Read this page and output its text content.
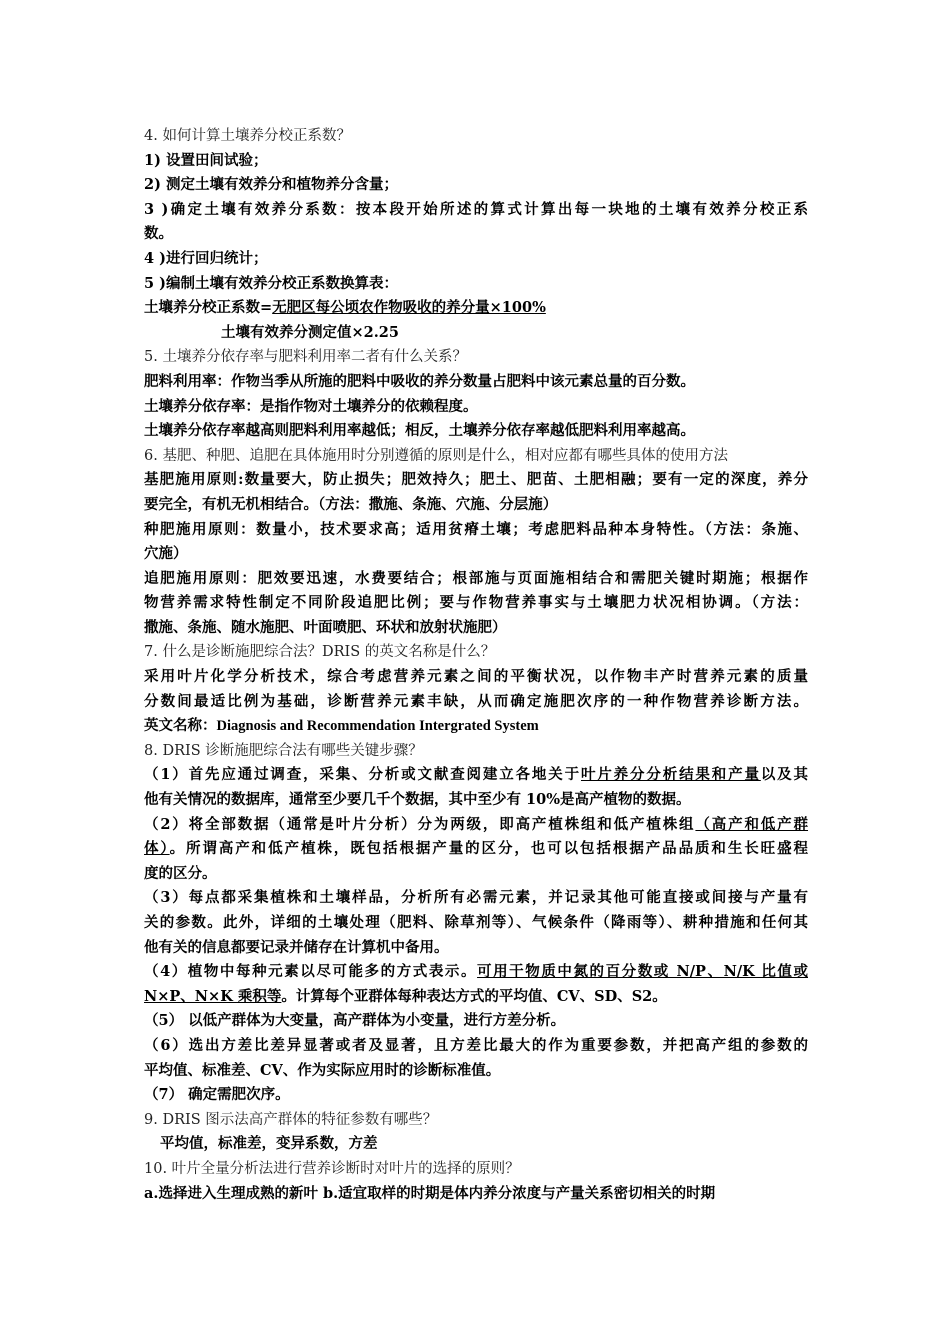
4. 如何计算土壤养分校正系数？
1) 设置田间试验；
2) 测定土壤有效养分和植物养分含量；
3 )确定土壤有效养分系数：按本段开始所述的算式计算出每一块地的土壤有效养分校正系
数。
4 )进行回归统计；
5 )编制土壤有效养分校正系数换算表：
土壤养分校正系数=无肥区每公顷农作物吸收的养分量×100%
土壤有效养分测定值×2.25
5. 土壤养分依存率与肥料利用率二者有什么关系？
肥料利用率：作物当季从所施的肥料中吸收的养分数量占肥料中该元素总量的百分数。
土壤养分依存率：是指作物对土壤养分的依赖程度。
土壤养分依存率越高则肥料利用率越低；相反，土壤养分依存率越低肥料利用率越高。
6. 基肥、种肥、追肥在具体施用时分别遵循的原则是什么，相对应都有哪些具体的使用方法
基肥施用原则:数量要大，防止损失；肥效持久；肥土、肥苗、土肥相融；要有一定的深度，养分
要完全，有机无机相结合。（方法：撒施、条施、穴施、分层施）
种肥施用原则：数量小，技术要求高；适用贫瘠土壤；考虑肥料品种本身特性。（方法：条施、
穴施）
追肥施用原则：肥效要迅速，水费要结合；根部施与页面施相结合和需肥关键时期施；根据作
物营养需求特性制定不同阶段追肥比例；要与作物营养事实与土壤肥力状况相协调。（方法：
撒施、条施、随水施肥、叶面喷肥、环状和放射状施肥）
7. 什么是诊断施肥综合法？DRIS 的英文名称是什么？
采用叶片化学分析技术，综合考虑营养元素之间的平衡状况，以作物丰产时营养元素的质量
分数间最适比例为基础，诊断营养元素丰缺，从而确定施肥次序的一种作物营养诊断方法。
英文名称：Diagnosis and Recommendation Intergrated System
8. DRIS 诊断施肥综合法有哪些关键步骤？
（1）首先应通过调查，采集、分析或文献查阅建立各地关于叶片养分分析结果和产量以及其
他有关情况的数据库，通常至少要几千个数据，其中至少有 10%是高产植物的数据。
（2）将全部数据（通常是叶片分析）分为两级，即高产植株组和低产植株组（高产和低产群
体）。所谓高产和低产植株，既包括根据产量的区分，也可以包括根据产品品质和生长旺盛程
度的区分。
（3）每点都采集植株和土壤样品，分析所有必需元素，并记录其他可能直接或间接与产量有
关的参数。此外，详细的土壤处理（肥料、除草剂等）、气候条件（降雨等）、耕种措施和任何其
他有关的信息都要记录并储存在计算机中备用。
（4）植物中每种元素以尽可能多的方式表示。可用干物质中氮的百分数或 N/P、N/K 比值或
N×P、N×K 乘积等。计算每个亚群体每种表达方式的平均值、CV、SD、S2。
（5） 以低产群体为大变量，高产群体为小变量，进行方差分析。
（6）选出方差比差异显著或者及显著，且方差比最大的作为重要参数，并把高产组的参数的
平均值、标准差、CV、作为实际应用时的诊断标准值。
（7） 确定需肥次序。
9. DRIS 图示法高产群体的特征参数有哪些？
平均值，标准差，变异系数，方差
10. 叶片全量分析法进行营养诊断时对叶片的选择的原则？
a.选择进入生理成熟的新叶 b.适宜取样的时期是体内养分浓度与产量关系密切相关的时期
